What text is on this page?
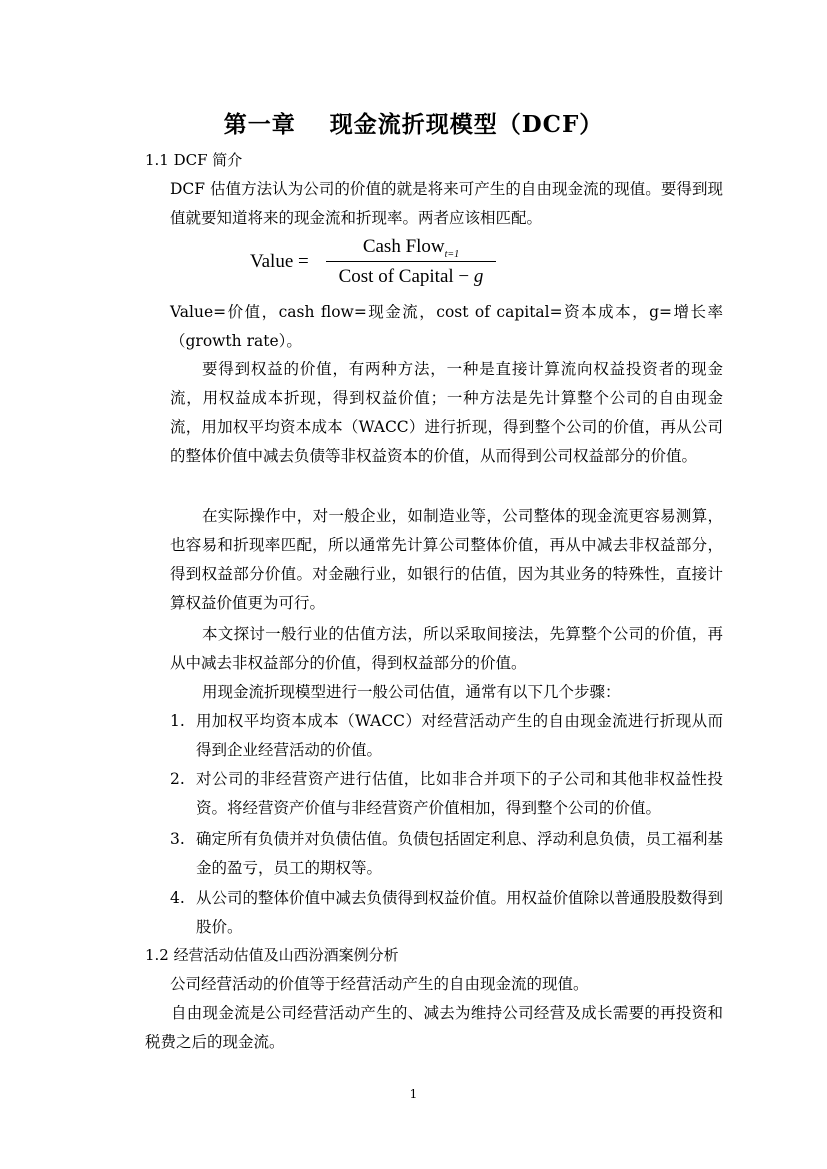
第一章 现金流折现模型（DCF）
1.1 DCF 简介
DCF 估值方法认为公司的价值的就是将来可产生的自由现金流的现值。要得到现值就要知道将来的现金流和折现率。两者应该相匹配。
Value =
Cash Flow$_{t=1}$
Cost of Capital − g
Value=价值，cash flow=现金流，cost of capital=资本成本，g=增长率（growth rate）。
要得到权益的价值，有两种方法，一种是直接计算流向权益投资者的现金流，用权益成本折现，得到权益价值；一种方法是先计算整个公司的自由现金流，用加权平均资本成本（WACC）进行折现，得到整个公司的价值，再从公司的整体价值中减去负债等非权益资本的价值，从而得到公司权益部分的价值。
在实际操作中，对一般企业，如制造业等，公司整体的现金流更容易测算，也容易和折现率匹配，所以通常先计算公司整体价值，再从中减去非权益部分，得到权益部分价值。对金融行业，如银行的估值，因为其业务的特殊性，直接计算权益价值更为可行。
本文探讨一般行业的估值方法，所以采取间接法，先算整个公司的价值，再从中减去非权益部分的价值，得到权益部分的价值。
用现金流折现模型进行一般公司估值，通常有以下几个步骤：
1. 用加权平均资本成本（WACC）对经营活动产生的自由现金流进行折现从而得到企业经营活动的价值。
2. 对公司的非经营资产进行估值，比如非合并项下的子公司和其他非权益性投资。将经营资产价值与非经营资产价值相加，得到整个公司的价值。
3. 确定所有负债并对负债估值。负债包括固定利息、浮动利息负债，员工福利基金的盈亏，员工的期权等。
4. 从公司的整体价值中减去负债得到权益价值。用权益价值除以普通股股数得到股价。
1.2 经营活动估值及山西汾酒案例分析
公司经营活动的价值等于经营活动产生的自由现金流的现值。
自由现金流是公司经营活动产生的、减去为维持公司经营及成长需要的再投资和税费之后的现金流。
1
